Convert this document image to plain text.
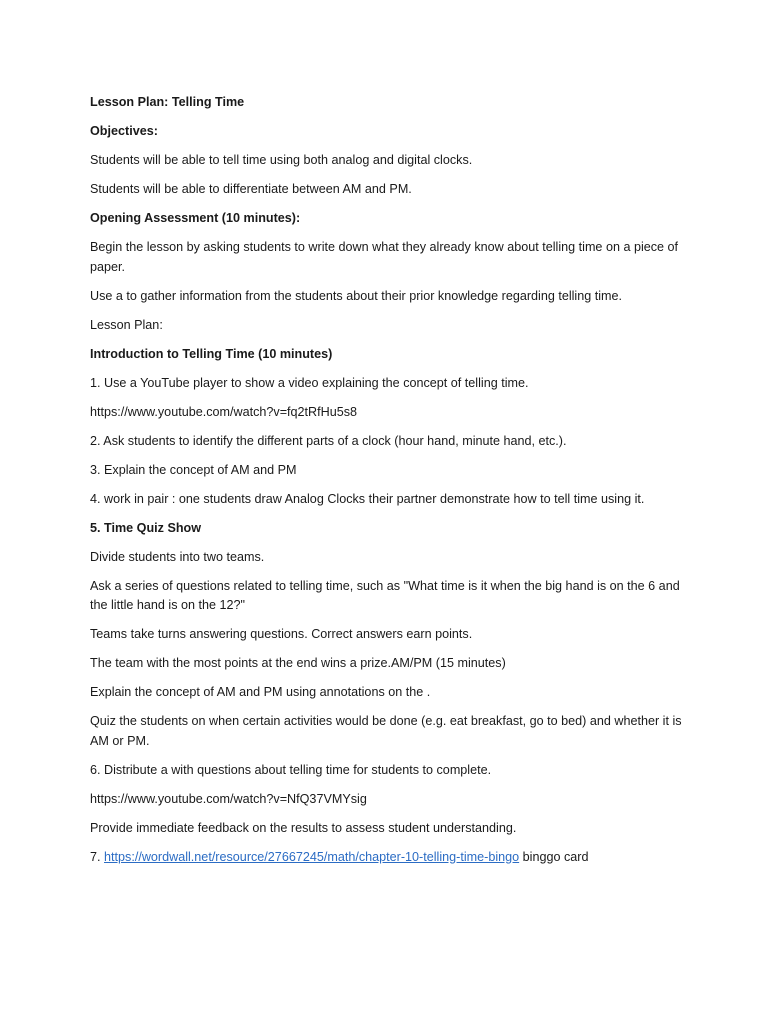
Lesson Plan: Telling Time

Objectives:

Students will be able to tell time using both analog and digital clocks.

Students will be able to differentiate between AM and PM.

Opening Assessment (10 minutes):

Begin the lesson by asking students to write down what they already know about telling time on a piece of paper.

Use a to gather information from the students about their prior knowledge regarding telling time.

Lesson Plan:

Introduction to Telling Time (10 minutes)

1. Use a YouTube player to show a video explaining the concept of telling time.

https://www.youtube.com/watch?v=fq2tRfHu5s8

2. Ask students to identify the different parts of a clock (hour hand, minute hand, etc.).

3. Explain the concept of AM and PM

4. work in pair : one students draw Analog Clocks their partner demonstrate how to tell time using it.

5. Time Quiz Show

Divide students into two teams.

Ask a series of questions related to telling time, such as "What time is it when the big hand is on the 6 and the little hand is on the 12?"

Teams take turns answering questions. Correct answers earn points.

The team with the most points at the end wins a prize.AM/PM (15 minutes)

Explain the concept of AM and PM using annotations on the .

Quiz the students on when certain activities would be done (e.g. eat breakfast, go to bed) and whether it is AM or PM.

6. Distribute a with questions about telling time for students to complete.

https://www.youtube.com/watch?v=NfQ37VMYsig

Provide immediate feedback on the results to assess student understanding.

7. https://wordwall.net/resource/27667245/math/chapter-10-telling-time-bingo binggo card
